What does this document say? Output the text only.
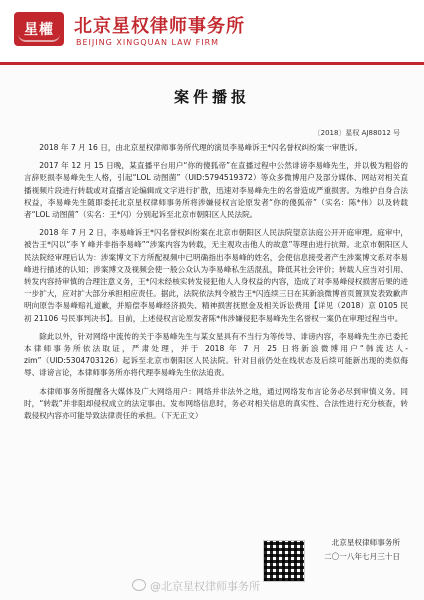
星權 北京星权律师事务所
BEIJING XINGQUAN LAW FIRM
案件播报
〔2018〕星权 AJ88012 号

2018 年 7 月 16 日，由北京星权律师事务所代理的演员李易峰诉王*闪名誉权纠纷案一审胜诉。

2017 年 12 月 15 日晚，某直播平台用户“你的傻狐帝”在直播过程中公然诽谤李易峰先生，并以极为粗俗的言辞贬损李易峰先生人格，引起“LOL 动图菌”（UID:5794519372）等众多微博用户及部分媒体、网站对相关直播视频片段进行转载或对直播言论编辑成文字进行扩散，迅速对李易峰先生的名誉造成严重损害。为维护自身合法权益，李易峰先生随即委托北京星权律师事务所将涉嫌侵权言论原发者“你的傻狐帝”（实名：陈*伟）以及转载者“LOL 动图菌”（实名：王*闪）分别起诉至北京市朝阳区人民法院。

2018 年 7 月 2 日，李易峰诉王*闪名誉权纠纷案在北京市朝阳区人民法院望京法庭公开开庭审理。庭审中，被告王*闪以“李 Y 峰并非指李易峰”“涉案内容为转载，无主观攻击他人的故意”等理由进行抗辩。北京市朝阳区人民法院经审理后认为：涉案博文下方所配视频中已明确指出李易峰的姓名，会使信息接受者产生涉案博文系对李易峰进行描述的认知；涉案博文及视频会使一般公众认为李易峰私生活混乱，降低其社会评价；转载人应当对引用、转发内容持审慎的合理注意义务，王*闪未经核实转发侵犯他人人身权益的内容，造成了对李易峰侵权损害后果的进一步扩大，应对扩大部分承担相应责任。据此，法院依法判令被告王*闪连续三日在其新浪微博首页置顶发表致歉声明向原告李易峰赔礼道歉，并赔偿李易峰经济损失、精神损害抚慰金及相关诉讼费用【详见（2018）京 0105 民初 21106 号民事判决书】。目前，上述侵权言论原发者陈*伟涉嫌侵犯李易峰先生名誉权一案仍在审理过程当中。

除此以外，针对网络中流传的关于李易峰先生与某女星具有不当行为等传导、诽谤内容，李易峰先生亦已委托本律师事务所依法取证，严肃处理，并于 2018 年 7 月 25 日将新浪微博用户“韩流达人-zim”（UID:5304703126）起诉至北京市朝阳区人民法院。针对目前仍处在线状态及后续可能新出现的类似侮辱、诽谤言论，本律师事务所亦将代理李易峰先生依法追责。

本律师事务所提醒各大媒体及广大网络用户：网络并非法外之地，通过网络发布言论务必尽到审慎义务。同时，“转载”并非阻却侵权成立的法定事由。发布网络信息时，务必对相关信息的真实性、合法性进行充分核查，转载侵权内容亦可能导致法律责任的承担。（下无正文）

北京星权律师事务所
二〇一八年七月三十日
@北京星权律师事务所
